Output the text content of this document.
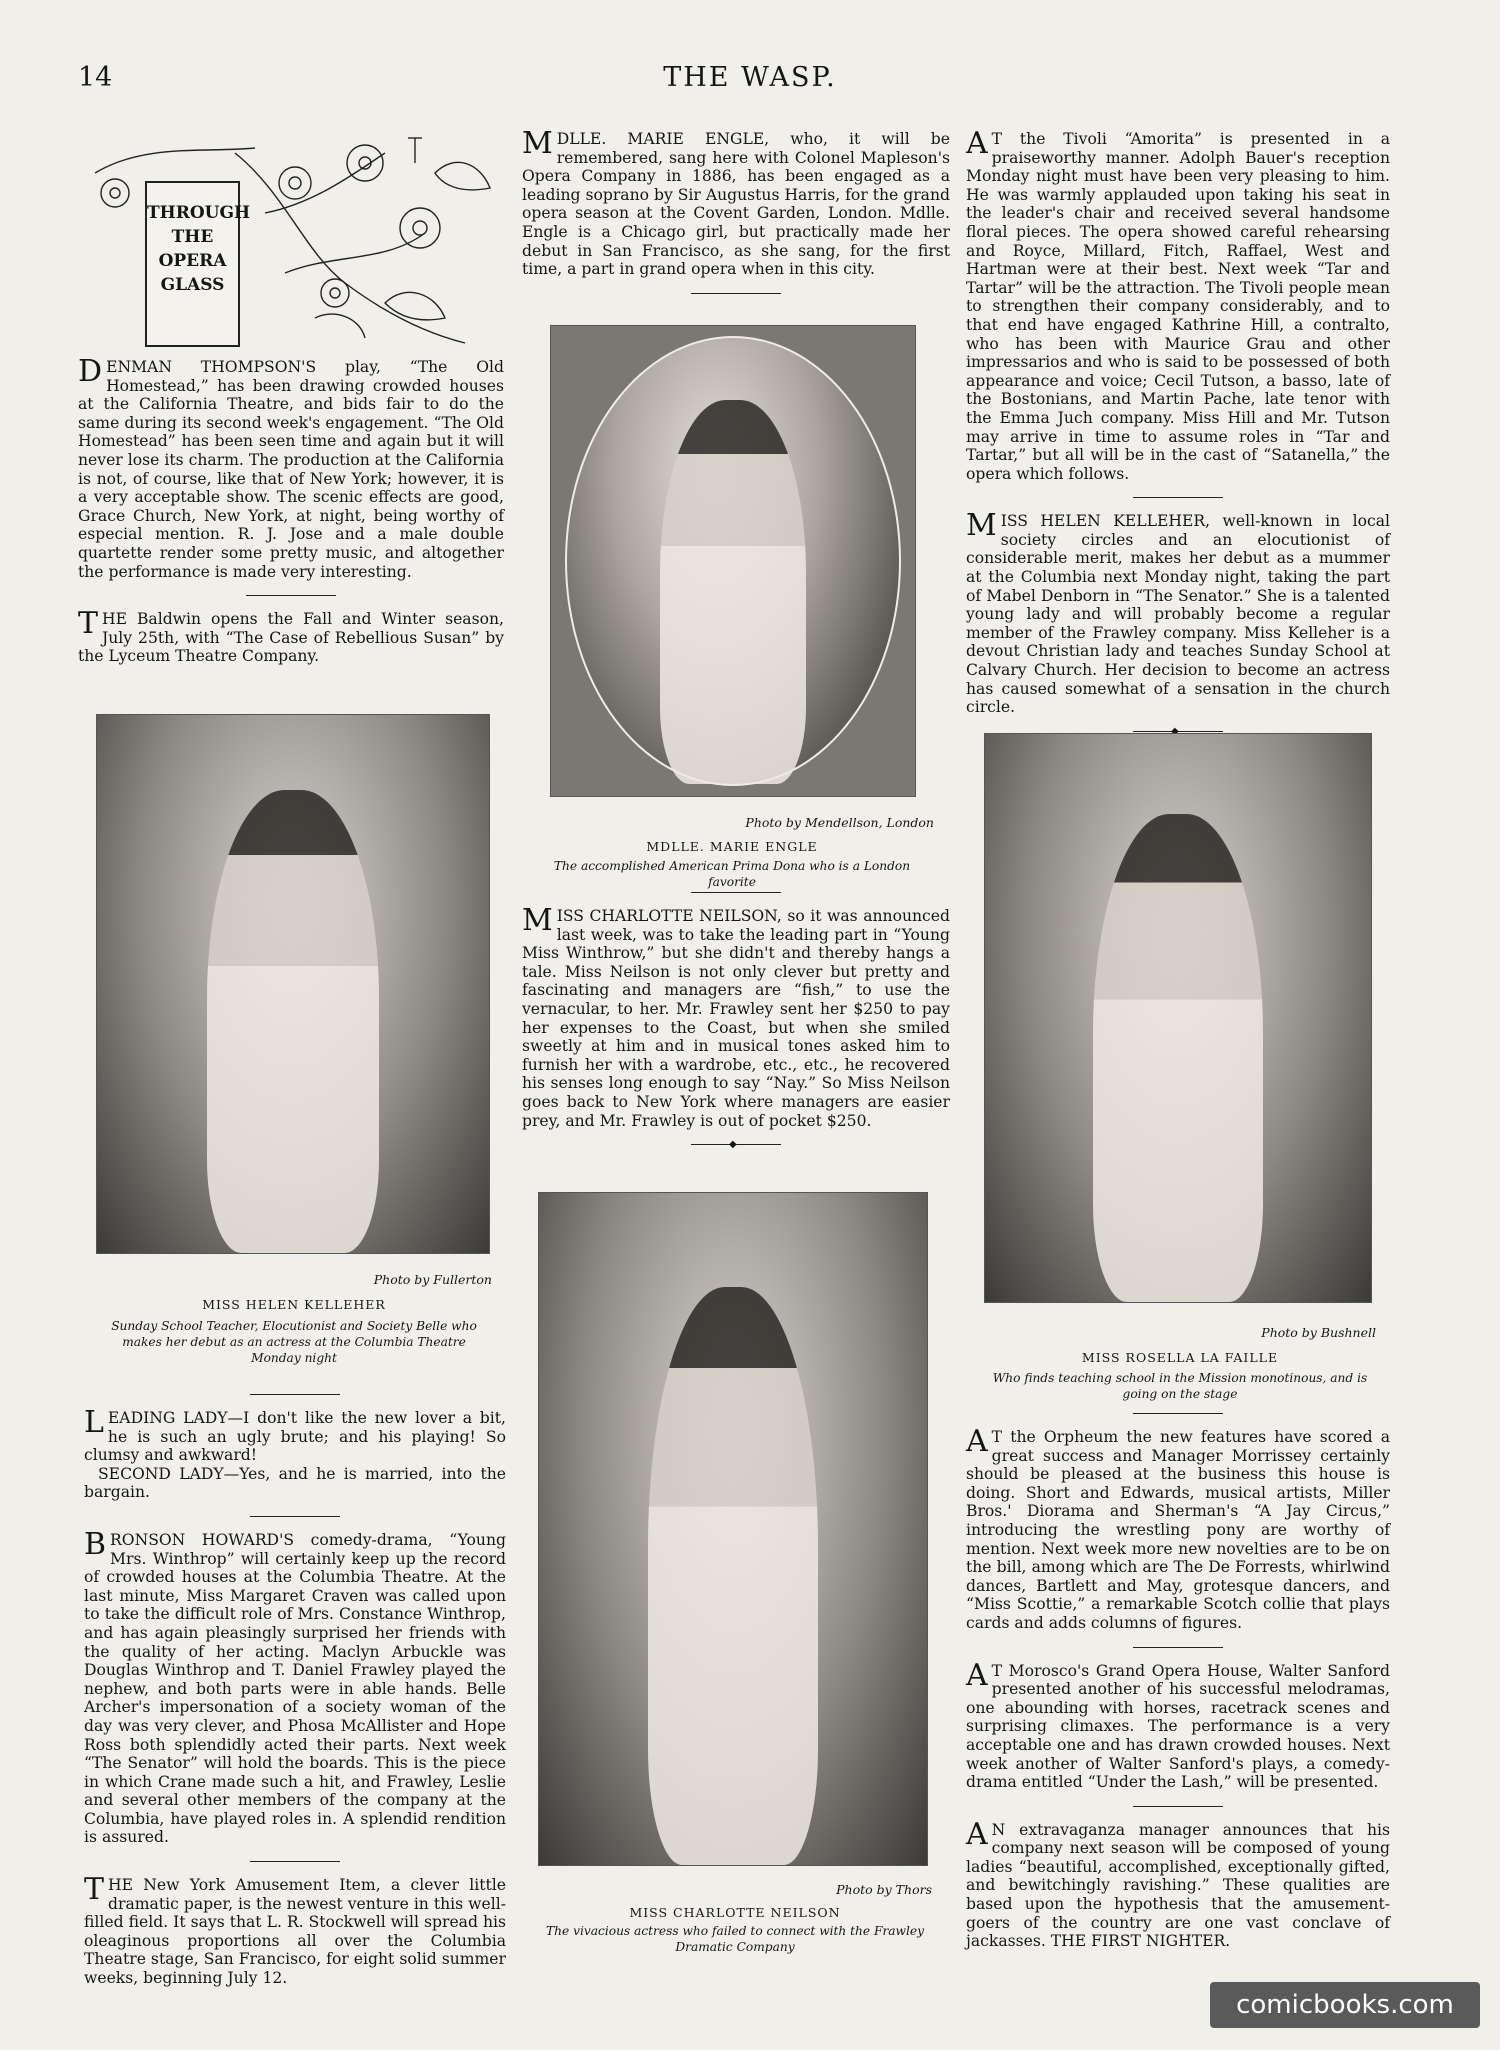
14	THE WASP.
THROUGH
THE
OPERA
GLASS

DENMAN THOMPSON'S play, “The Old Homestead,” has been drawing crowded houses at the California Theatre, and bids fair to do the same during its second week's engagement. “The Old Homestead” has been seen time and again but it will never lose its charm. The production at the California is not, of course, like that of New York; however, it is a very acceptable show. The scenic effects are good, Grace Church, New York, at night, being worthy of especial mention. R. J. Jose and a male double quartette render some pretty music, and altogether the performance is made very interesting.

THE Baldwin opens the Fall and Winter season, July 25th, with “The Case of Rebellious Susan” by the Lyceum Theatre Company.

Photo by Fullerton
MISS HELEN KELLEHER
Sunday School Teacher, Elocutionist and Society Belle who makes her debut as an actress at the Columbia Theatre Monday night

LEADING LADY—I don't like the new lover a bit, he is such an ugly brute; and his playing! So clumsy and awkward!

SECOND LADY—Yes, and he is married, into the bargain.

BRONSON HOWARD'S comedy-drama, “Young Mrs. Winthrop” will certainly keep up the record of crowded houses at the Columbia Theatre. At the last minute, Miss Margaret Craven was called upon to take the difficult role of Mrs. Constance Winthrop, and has again pleasingly surprised her friends with the quality of her acting. Maclyn Arbuckle was Douglas Winthrop and T. Daniel Frawley played the nephew, and both parts were in able hands. Belle Archer's impersonation of a society woman of the day was very clever, and Phosa McAllister and Hope Ross both splendidly acted their parts. Next week “The Senator” will hold the boards. This is the piece in which Crane made such a hit, and Frawley, Leslie and several other members of the company at the Columbia, have played roles in. A splendid rendition is assured.

THE New York Amusement Item, a clever little dramatic paper, is the newest venture in this well-filled field. It says that L. R. Stockwell will spread his oleaginous proportions all over the Columbia Theatre stage, San Francisco, for eight solid summer weeks, beginning July 12.

MDLLE. MARIE ENGLE, who, it will be remembered, sang here with Colonel Mapleson's Opera Company in 1886, has been engaged as a leading soprano by Sir Augustus Harris, for the grand opera season at the Covent Garden, London. Mdlle. Engle is a Chicago girl, but practically made her debut in San Francisco, as she sang, for the first time, a part in grand opera when in this city.

Photo by Mendellson, London
MDLLE. MARIE ENGLE
The accomplished American Prima Dona who is a London favorite

MISS CHARLOTTE NEILSON, so it was announced last week, was to take the leading part in “Young Miss Winthrow,” but she didn't and thereby hangs a tale. Miss Neilson is not only clever but pretty and fascinating and managers are “fish,” to use the vernacular, to her. Mr. Frawley sent her $250 to pay her expenses to the Coast, but when she smiled sweetly at him and in musical tones asked him to furnish her with a wardrobe, etc., etc., he recovered his senses long enough to say “Nay.” So Miss Neilson goes back to New York where managers are easier prey, and Mr. Frawley is out of pocket $250.

◆
Photo by Thors
MISS CHARLOTTE NEILSON
The vivacious actress who failed to connect with the Frawley Dramatic Company

A T the Tivoli “Amorita” is presented in a praiseworthy manner. Adolph Bauer's reception Monday night must have been very pleasing to him. He was warmly applauded upon taking his seat in the leader's chair and received several handsome floral pieces. The opera showed careful rehearsing and Royce, Millard, Fitch, Raffael, West and Hartman were at their best. Next week “Tar and Tartar” will be the attraction. The Tivoli people mean to strengthen their company considerably, and to that end have engaged Kathrine Hill, a contralto, who has been with Maurice Grau and other impressarios and who is said to be possessed of both appearance and voice; Cecil Tutson, a basso, late of the Bostonians, and Martin Pache, late tenor with the Emma Juch company. Miss Hill and Mr. Tutson may arrive in time to assume roles in “Tar and Tartar,” but all will be in the cast of “Satanella,” the opera which follows.

MISS HELEN KELLEHER, well-known in local society circles and an elocutionist of considerable merit, makes her debut as a mummer at the Columbia next Monday night, taking the part of Mabel Denborn in “The Senator.” She is a talented young lady and will probably become a regular member of the Frawley company. Miss Kelleher is a devout Christian lady and teaches Sunday School at Calvary Church. Her decision to become an actress has caused somewhat of a sensation in the church circle.

◆
Photo by Bushnell
MISS ROSELLA LA FAILLE
Who finds teaching school in the Mission monotinous, and is going on the stage

A T the Orpheum the new features have scored a great success and Manager Morrissey certainly should be pleased at the business this house is doing. Short and Edwards, musical artists, Miller Bros.' Diorama and Sherman's “A Jay Circus,” introducing the wrestling pony are worthy of mention. Next week more new novelties are to be on the bill, among which are The De Forrests, whirlwind dances, Bartlett and May, grotesque dancers, and “Miss Scottie,” a remarkable Scotch collie that plays cards and adds columns of figures.

A T Morosco's Grand Opera House, Walter Sanford presented another of his successful melodramas, one abounding with horses, racetrack scenes and surprising climaxes. The performance is a very acceptable one and has drawn crowded houses. Next week another of Walter Sanford's plays, a comedy-drama entitled “Under the Lash,” will be presented.

A N extravaganza manager announces that his company next season will be composed of young ladies “beautiful, accomplished, exceptionally gifted, and bewitchingly ravishing.” These qualities are based upon the hypothesis that the amusement-goers of the country are one vast conclave of jackasses. THE FIRST NIGHTER.

comicbooks.com
